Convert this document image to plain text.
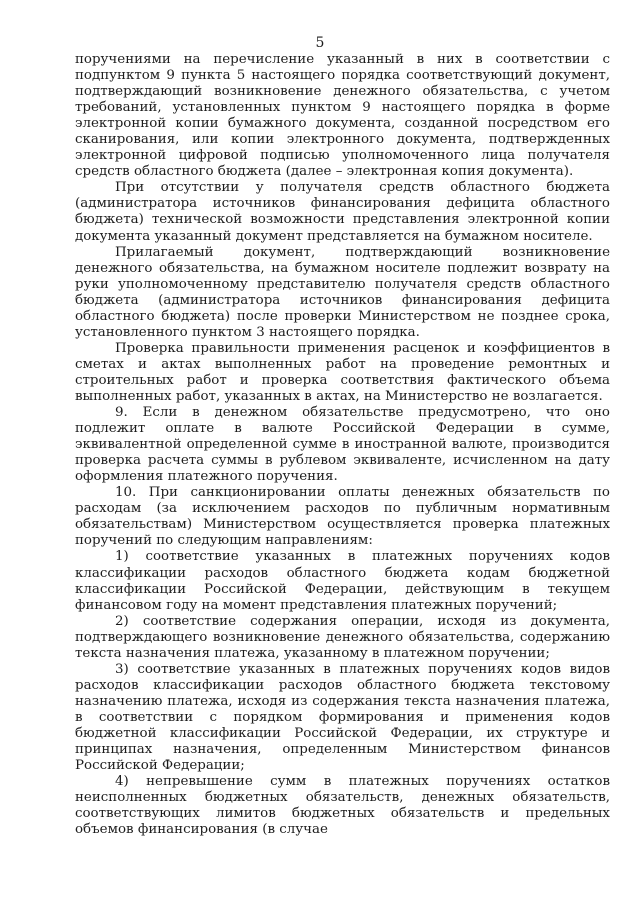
5

поручениями на перечисление указанный в них в соответствии с подпунктом 9 пункта 5 настоящего порядка соответствующий документ, подтверждающий возникновение денежного обязательства, с учетом требований, установленных пунктом 9 настоящего порядка в форме электронной копии бумажного документа, созданной посредством его сканирования, или копии электронного документа, подтвержденных электронной цифровой подписью уполномоченного лица получателя средств областного бюджета (далее – электронная копия документа).

При отсутствии у получателя средств областного бюджета (администратора источников финансирования дефицита областного бюджета) технической возможности представления электронной копии документа указанный документ представляется на бумажном носителе.

Прилагаемый документ, подтверждающий возникновение денежного обязательства, на бумажном носителе подлежит возврату на руки уполномоченному представителю получателя средств областного бюджета (администратора источников финансирования дефицита областного бюджета) после проверки Министерством не позднее срока, установленного пунктом 3 настоящего порядка.

Проверка правильности применения расценок и коэффициентов в сметах и актах выполненных работ на проведение ремонтных и строительных работ и проверка соответствия фактического объема выполненных работ, указанных в актах, на Министерство не возлагается.

9. Если в денежном обязательстве предусмотрено, что оно подлежит оплате в валюте Российской Федерации в сумме, эквивалентной определенной сумме в иностранной валюте, производится проверка расчета суммы в рублевом эквиваленте, исчисленном на дату оформления платежного поручения.

10. При санкционировании оплаты денежных обязательств по расходам (за исключением расходов по публичным нормативным обязательствам) Министерством осуществляется проверка платежных поручений по следующим направлениям:

1) соответствие указанных в платежных поручениях кодов классификации расходов областного бюджета кодам бюджетной классификации Российской Федерации, действующим в текущем финансовом году на момент представления платежных поручений;

2) соответствие содержания операции, исходя из документа, подтверждающего возникновение денежного обязательства, содержанию текста назначения платежа, указанному в платежном поручении;

3) соответствие указанных в платежных поручениях кодов видов расходов классификации расходов областного бюджета текстовому назначению платежа, исходя из содержания текста назначения платежа, в соответствии с порядком формирования и применения кодов бюджетной классификации Российской Федерации, их структуре и принципах назначения, определенным Министерством финансов Российской Федерации;

4) непревышение сумм в платежных поручениях остатков неисполненных бюджетных обязательств, денежных обязательств, соответствующих лимитов бюджетных обязательств и предельных объемов финансирования (в случае
